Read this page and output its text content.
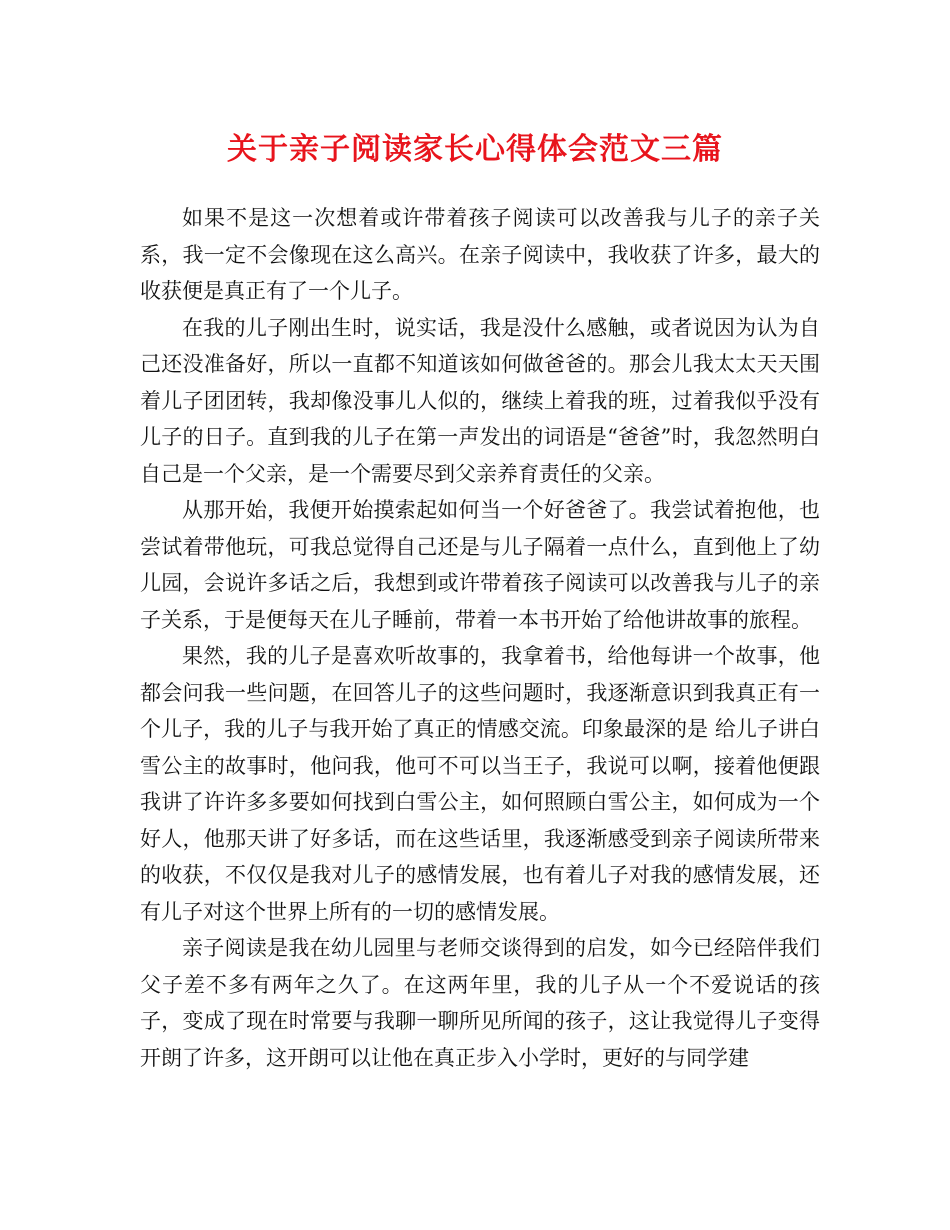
关于亲子阅读家长心得体会范文三篇

如果不是这一次想着或许带着孩子阅读可以改善我与儿子的亲子关系，我一定不会像现在这么高兴。在亲子阅读中，我收获了许多，最大的收获便是真正有了一个儿子。

在我的儿子刚出生时，说实话，我是没什么感触，或者说因为认为自己还没准备好，所以一直都不知道该如何做爸爸的。那会儿我太太天天围着儿子团团转，我却像没事儿人似的，继续上着我的班，过着我似乎没有儿子的日子。直到我的儿子在第一声发出的词语是“爸爸”时，我忽然明白自己是一个父亲，是一个需要尽到父亲养育责任的父亲。

从那开始，我便开始摸索起如何当一个好爸爸了。我尝试着抱他，也尝试着带他玩，可我总觉得自己还是与儿子隔着一点什么，直到他上了幼儿园，会说许多话之后，我想到或许带着孩子阅读可以改善我与儿子的亲子关系，于是便每天在儿子睡前，带着一本书开始了给他讲故事的旅程。

果然，我的儿子是喜欢听故事的，我拿着书，给他每讲一个故事，他都会问我一些问题，在回答儿子的这些问题时，我逐渐意识到我真正有一个儿子，我的儿子与我开始了真正的情感交流。印象最深的是 给儿子讲白雪公主的故事时，他问我，他可不可以当王子，我说可以啊，接着他便跟我讲了许许多多要如何找到白雪公主，如何照顾白雪公主，如何成为一个好人，他那天讲了好多话，而在这些话里，我逐渐感受到亲子阅读所带来的收获，不仅仅是我对儿子的感情发展，也有着儿子对我的感情发展，还有儿子对这个世界上所有的一切的感情发展。

亲子阅读是我在幼儿园里与老师交谈得到的启发，如今已经陪伴我们父子差不多有两年之久了。在这两年里，我的儿子从一个不爱说话的孩子，变成了现在时常要与我聊一聊所见所闻的孩子，这让我觉得儿子变得开朗了许多，这开朗可以让他在真正步入小学时，更好的与同学建
